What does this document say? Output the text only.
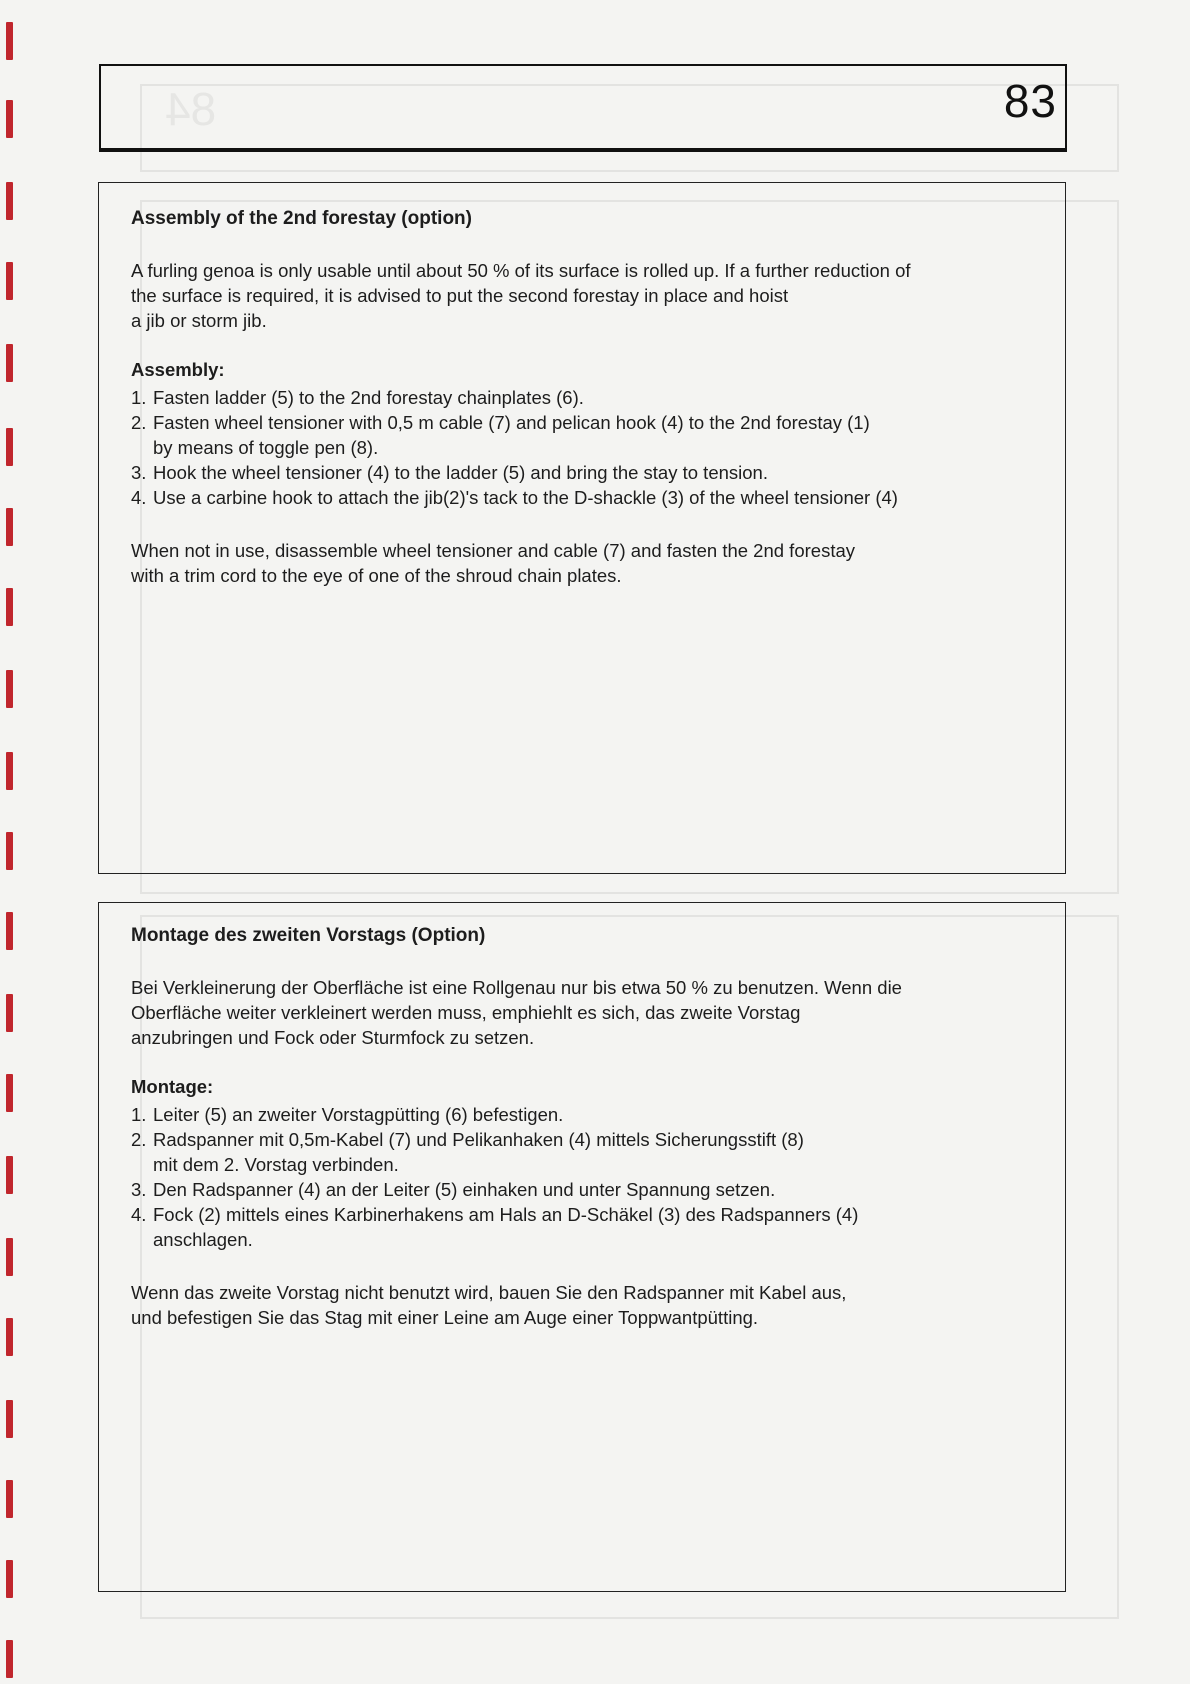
84	83
Assembly of the 2nd forestay (option)

A furling genoa is only usable until about 50 % of its surface is rolled up. If a further reduction of

the surface is required, it is advised to put the second forestay in place and hoist

a jib or storm jib.

Assembly:
1. Fasten ladder (5) to the 2nd forestay chainplates (6).
2. Fasten wheel tensioner with 0,5 m cable (7) and pelican hook (4) to the 2nd forestay (1)
by means of toggle pen (8).
3. Hook the wheel tensioner (4) to the ladder (5) and bring the stay to tension.
4. Use a carbine hook to attach the jib(2)'s tack to the D-shackle (3) of the wheel tensioner (4)

When not in use, disassemble wheel tensioner and cable (7) and fasten the 2nd forestay

with a trim cord to the eye of one of the shroud chain plates.

Montage des zweiten Vorstags (Option)

Bei Verkleinerung der Oberfläche ist eine Rollgenau nur bis etwa 50 % zu benutzen. Wenn die

Oberfläche weiter verkleinert werden muss, emphiehlt es sich, das zweite Vorstag

anzubringen und Fock oder Sturmfock zu setzen.

Montage:
1. Leiter (5) an zweiter Vorstagpütting (6) befestigen.
2. Radspanner mit 0,5m-Kabel (7) und Pelikanhaken (4) mittels Sicherungsstift (8)
mit dem 2. Vorstag verbinden.
3. Den Radspanner (4) an der Leiter (5) einhaken und unter Spannung setzen.
4. Fock (2) mittels eines Karbinerhakens am Hals an D-Schäkel (3) des Radspanners (4)
anschlagen.

Wenn das zweite Vorstag nicht benutzt wird, bauen Sie den Radspanner mit Kabel aus,

und befestigen Sie das Stag mit einer Leine am Auge einer Toppwantpütting.
